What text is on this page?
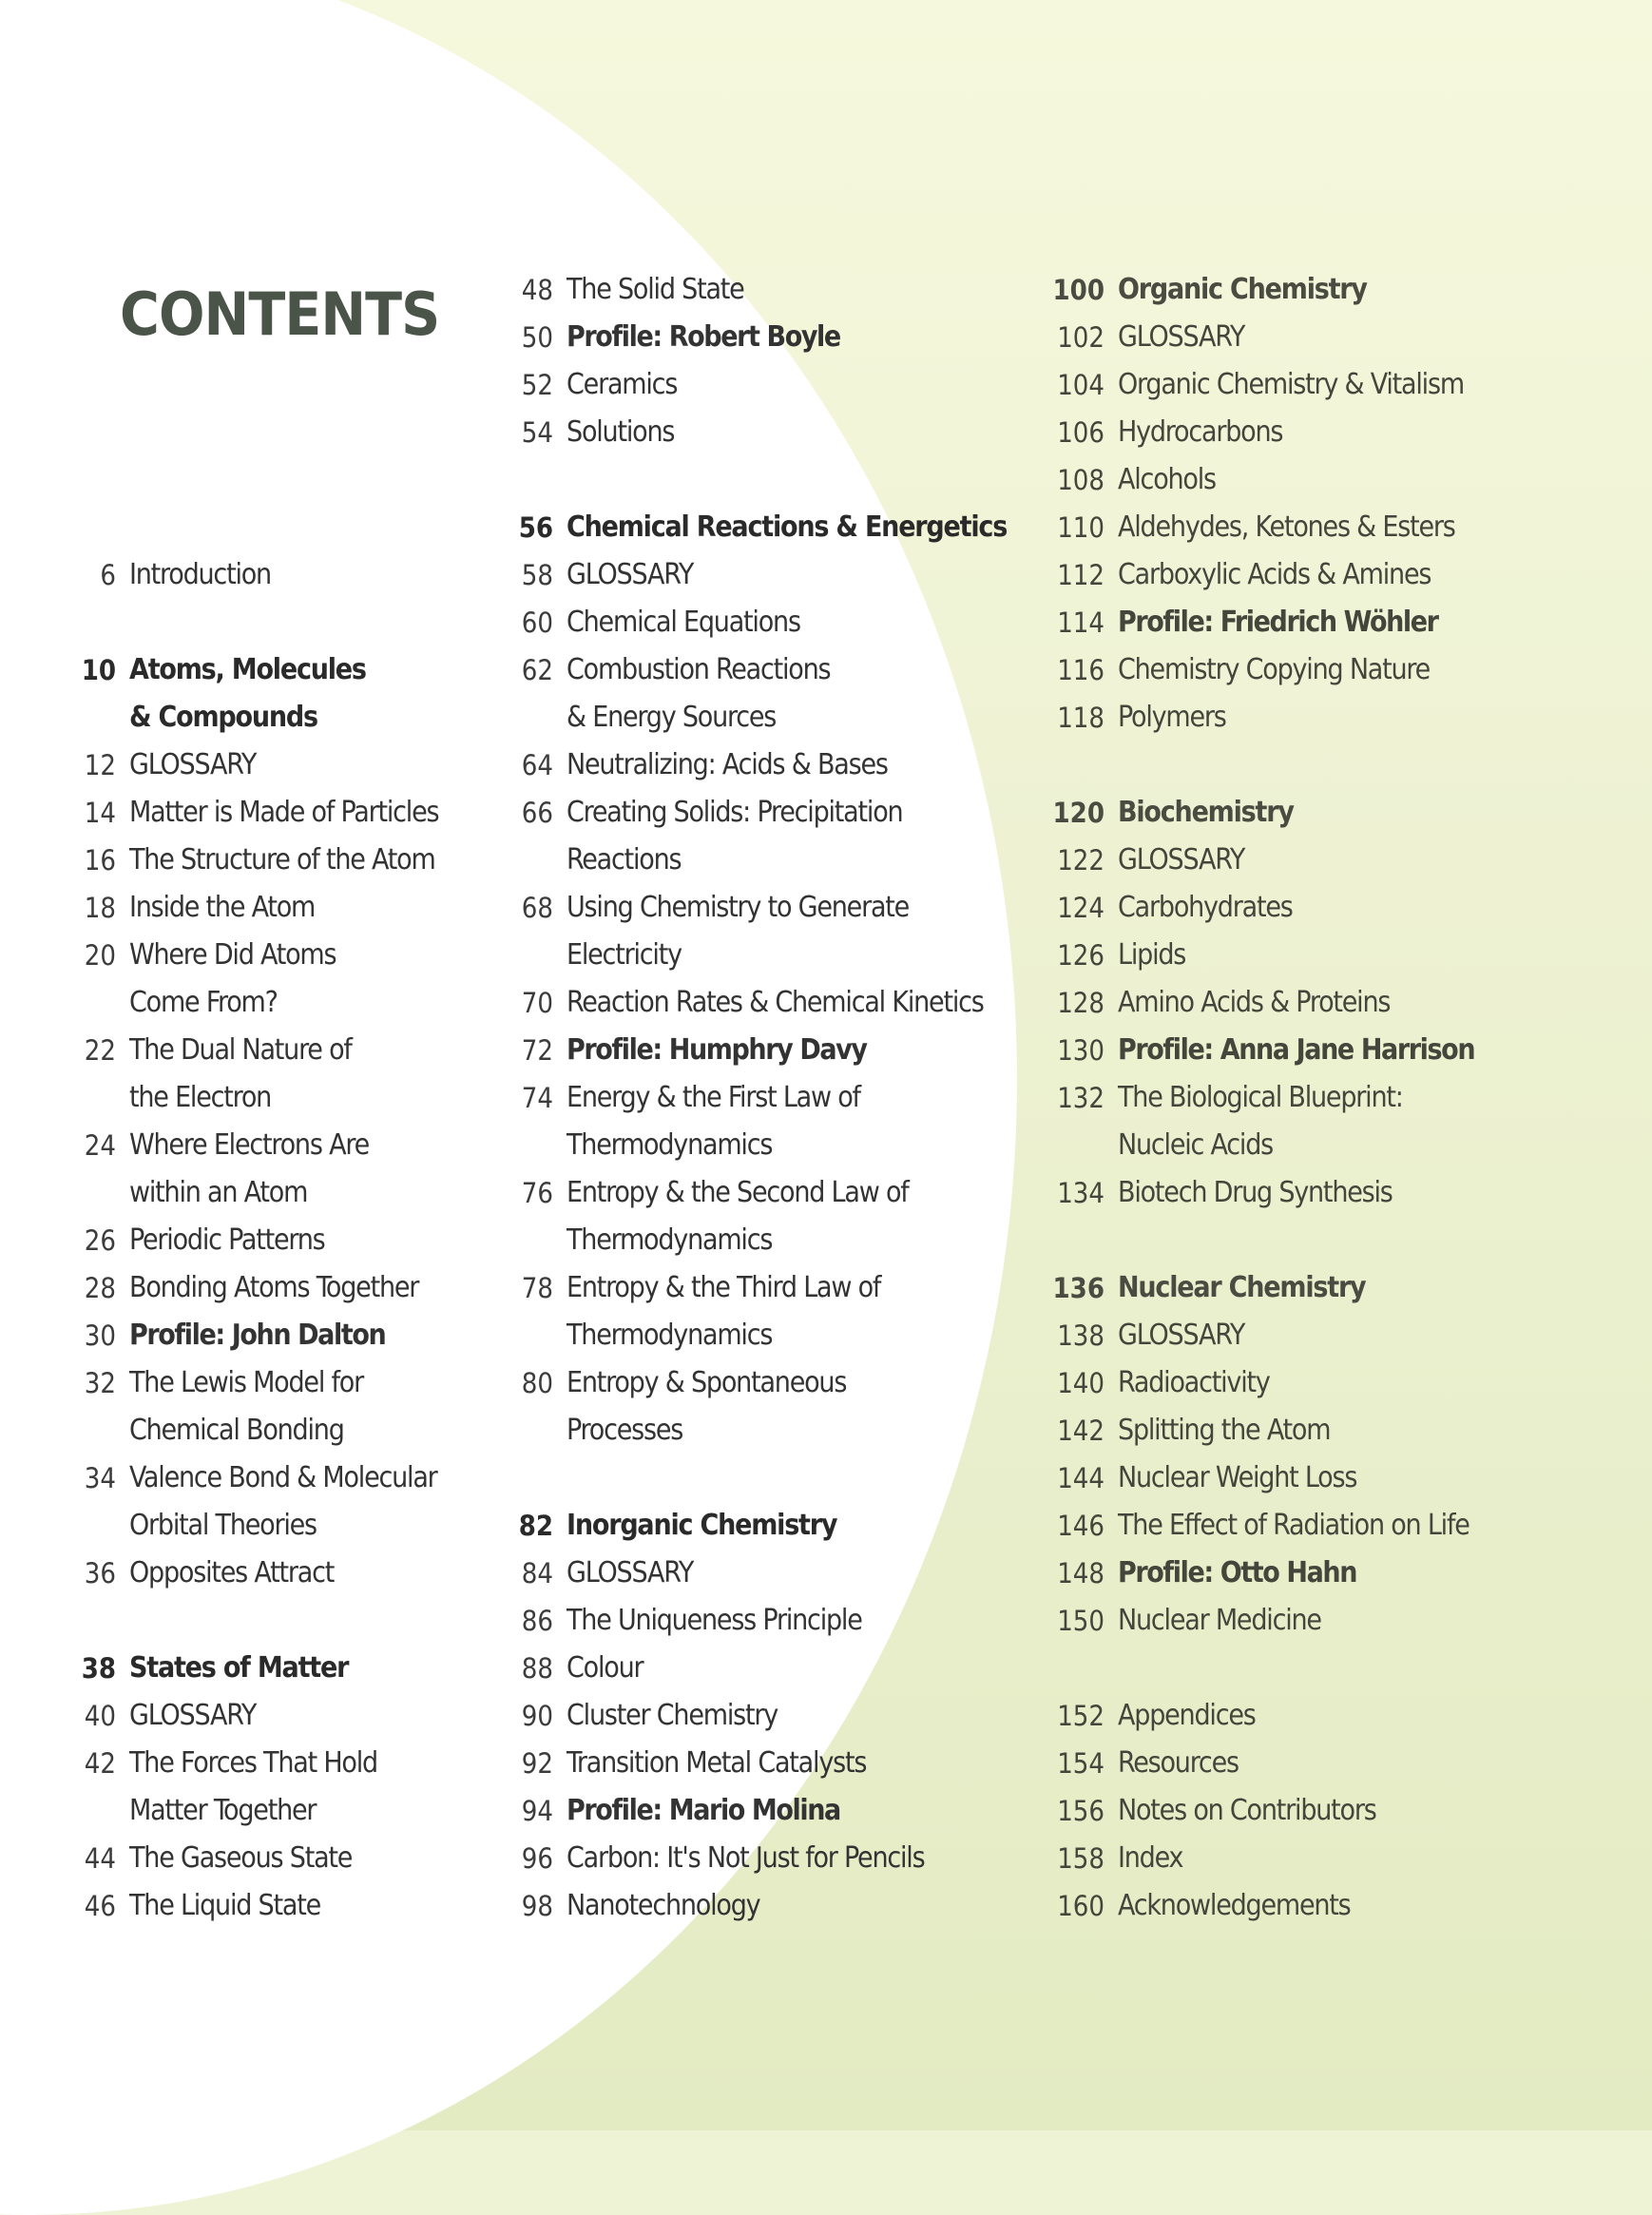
CONTENTS
6 Introduction
10 Atoms, Molecules
& Compounds
12 GLOSSARY
14 Matter is Made of Particles
16 The Structure of the Atom
18 Inside the Atom
20 Where Did Atoms
Come From?
22 The Dual Nature of
the Electron
24 Where Electrons Are
within an Atom
26 Periodic Patterns
28 Bonding Atoms Together
30 Profile: John Dalton
32 The Lewis Model for
Chemical Bonding
34 Valence Bond & Molecular
Orbital Theories
36 Opposites Attract
38 States of Matter
40 GLOSSARY
42 The Forces That Hold
Matter Together
44 The Gaseous State
46 The Liquid State
48 The Solid State
50 Profile: Robert Boyle
52 Ceramics
54 Solutions
56 Chemical Reactions & Energetics
58 GLOSSARY
60 Chemical Equations
62 Combustion Reactions
& Energy Sources
64 Neutralizing: Acids & Bases
66 Creating Solids: Precipitation
Reactions
68 Using Chemistry to Generate
Electricity
70 Reaction Rates & Chemical Kinetics
72 Profile: Humphry Davy
74 Energy & the First Law of
Thermodynamics
76 Entropy & the Second Law of
Thermodynamics
78 Entropy & the Third Law of
Thermodynamics
80 Entropy & Spontaneous
Processes
82 Inorganic Chemistry
84 GLOSSARY
86 The Uniqueness Principle
88 Colour
90 Cluster Chemistry
92 Transition Metal Catalysts
94 Profile: Mario Molina
96 Carbon: It's Not Just for Pencils
98 Nanotechnology
100 Organic Chemistry
102 GLOSSARY
104 Organic Chemistry & Vitalism
106 Hydrocarbons
108 Alcohols
110 Aldehydes, Ketones & Esters
112 Carboxylic Acids & Amines
114 Profile: Friedrich Wöhler
116 Chemistry Copying Nature
118 Polymers
120 Biochemistry
122 GLOSSARY
124 Carbohydrates
126 Lipids
128 Amino Acids & Proteins
130 Profile: Anna Jane Harrison
132 The Biological Blueprint:
Nucleic Acids
134 Biotech Drug Synthesis
136 Nuclear Chemistry
138 GLOSSARY
140 Radioactivity
142 Splitting the Atom
144 Nuclear Weight Loss
146 The Effect of Radiation on Life
148 Profile: Otto Hahn
150 Nuclear Medicine
152 Appendices
154 Resources
156 Notes on Contributors
158 Index
160 Acknowledgements
